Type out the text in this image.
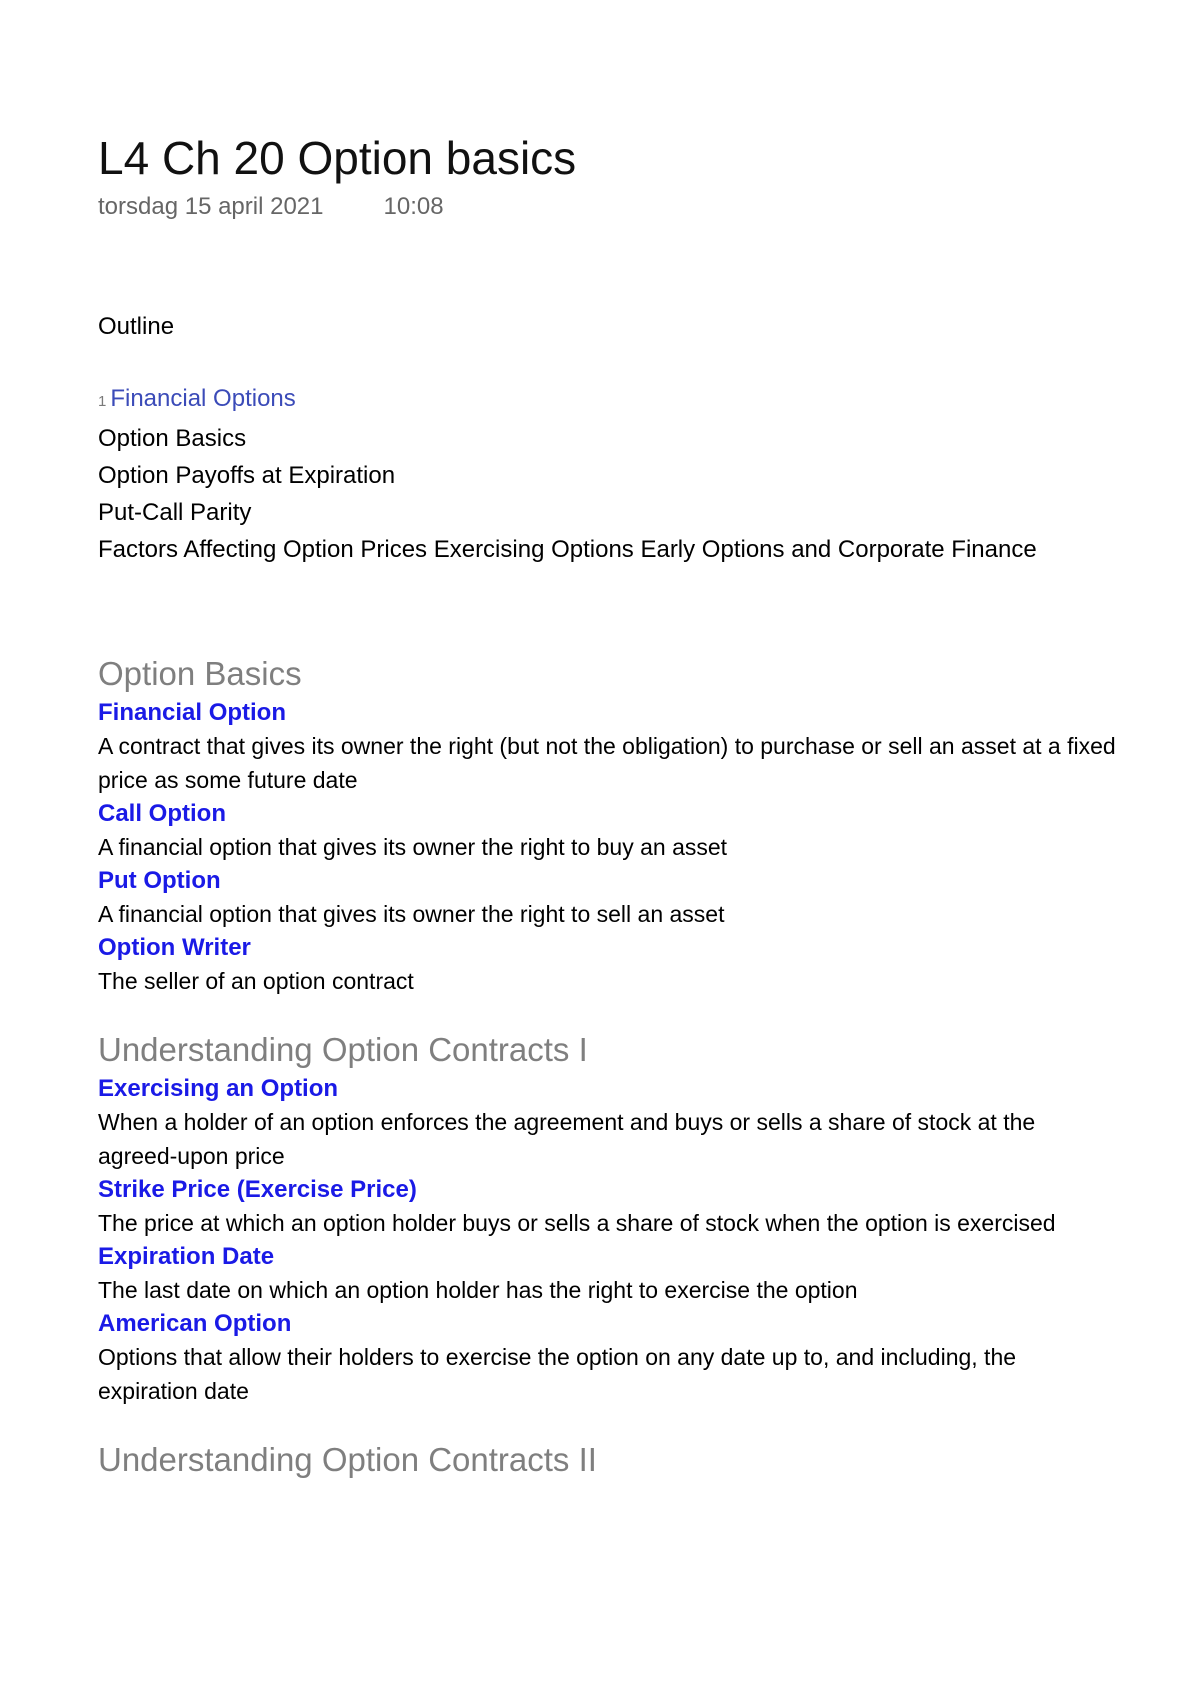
L4 Ch 20 Option basics
torsdag 15 april 2021	10:08
Outline
1 Financial Options
Option Basics
Option Payoffs at Expiration
Put-Call Parity
Factors Affecting Option Prices Exercising Options Early Options and Corporate Finance
Option Basics

Financial Option

A contract that gives its owner the right (but not the obligation) to purchase or sell an asset at a fixed price as some future date

Call Option

A financial option that gives its owner the right to buy an asset

Put Option

A financial option that gives its owner the right to sell an asset

Option Writer

The seller of an option contract

Understanding Option Contracts I

Exercising an Option

When a holder of an option enforces the agreement and buys or sells a share of stock at the agreed-upon price

Strike Price (Exercise Price)

The price at which an option holder buys or sells a share of stock when the option is exercised

Expiration Date

The last date on which an option holder has the right to exercise the option

American Option

Options that allow their holders to exercise the option on any date up to, and including, the expiration date

Understanding Option Contracts II
